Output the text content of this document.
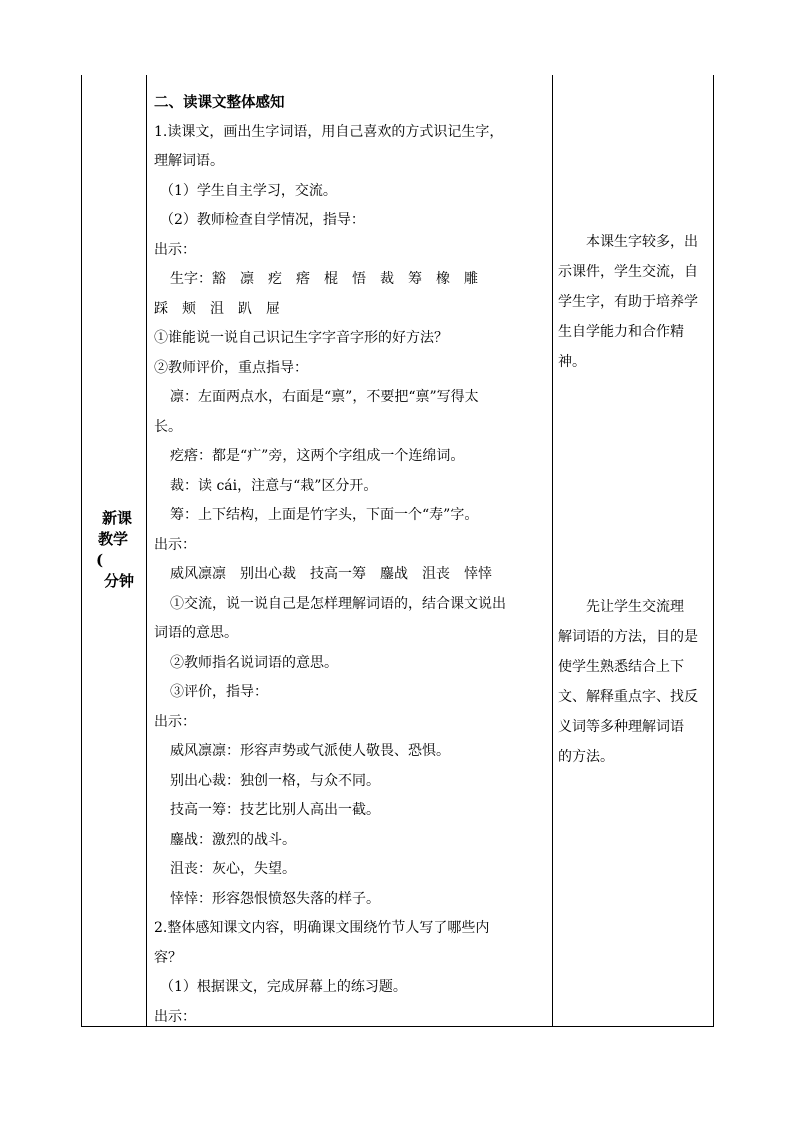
新课
教学
(
分钟
二、读课文整体感知
1.读课文，画出生字词语，用自己喜欢的方式识记生字，
理解词语。
（1）学生自主学习，交流。
（2）教师检查自学情况，指导：
出示：
生字：豁　凛　疙　瘩　棍　悟　裁　筹　橡　雕
踩　颊　沮　趴　屉
①谁能说一说自己识记生字字音字形的好方法？
②教师评价，重点指导：
凛：左面两点水，右面是“禀”，不要把“禀”写得太
长。
疙瘩：都是“疒”旁，这两个字组成一个连绵词。
裁：读 cái，注意与“栽”区分开。
筹：上下结构，上面是竹字头，下面一个“寿”字。
出示：
威风凛凛　别出心裁　技高一筹　鏖战　沮丧　悻悻
①交流，说一说自己是怎样理解词语的，结合课文说出
词语的意思。
②教师指名说词语的意思。
③评价，指导：
出示：
威风凛凛：形容声势或气派使人敬畏、恐惧。
别出心裁：独创一格，与众不同。
技高一筹：技艺比别人高出一截。
鏖战：激烈的战斗。
沮丧：灰心，失望。
悻悻：形容怨恨愤怒失落的样子。
2.整体感知课文内容，明确课文围绕竹节人写了哪些内
容？
（1）根据课文，完成屏幕上的练习题。
出示：
　　本课生字较多，出
示课件，学生交流，自
学生字，有助于培养学
生自学能力和合作精
神。
　　先让学生交流理
解词语的方法，目的是
使学生熟悉结合上下
文、解释重点字、找反
义词等多种理解词语
的方法。
